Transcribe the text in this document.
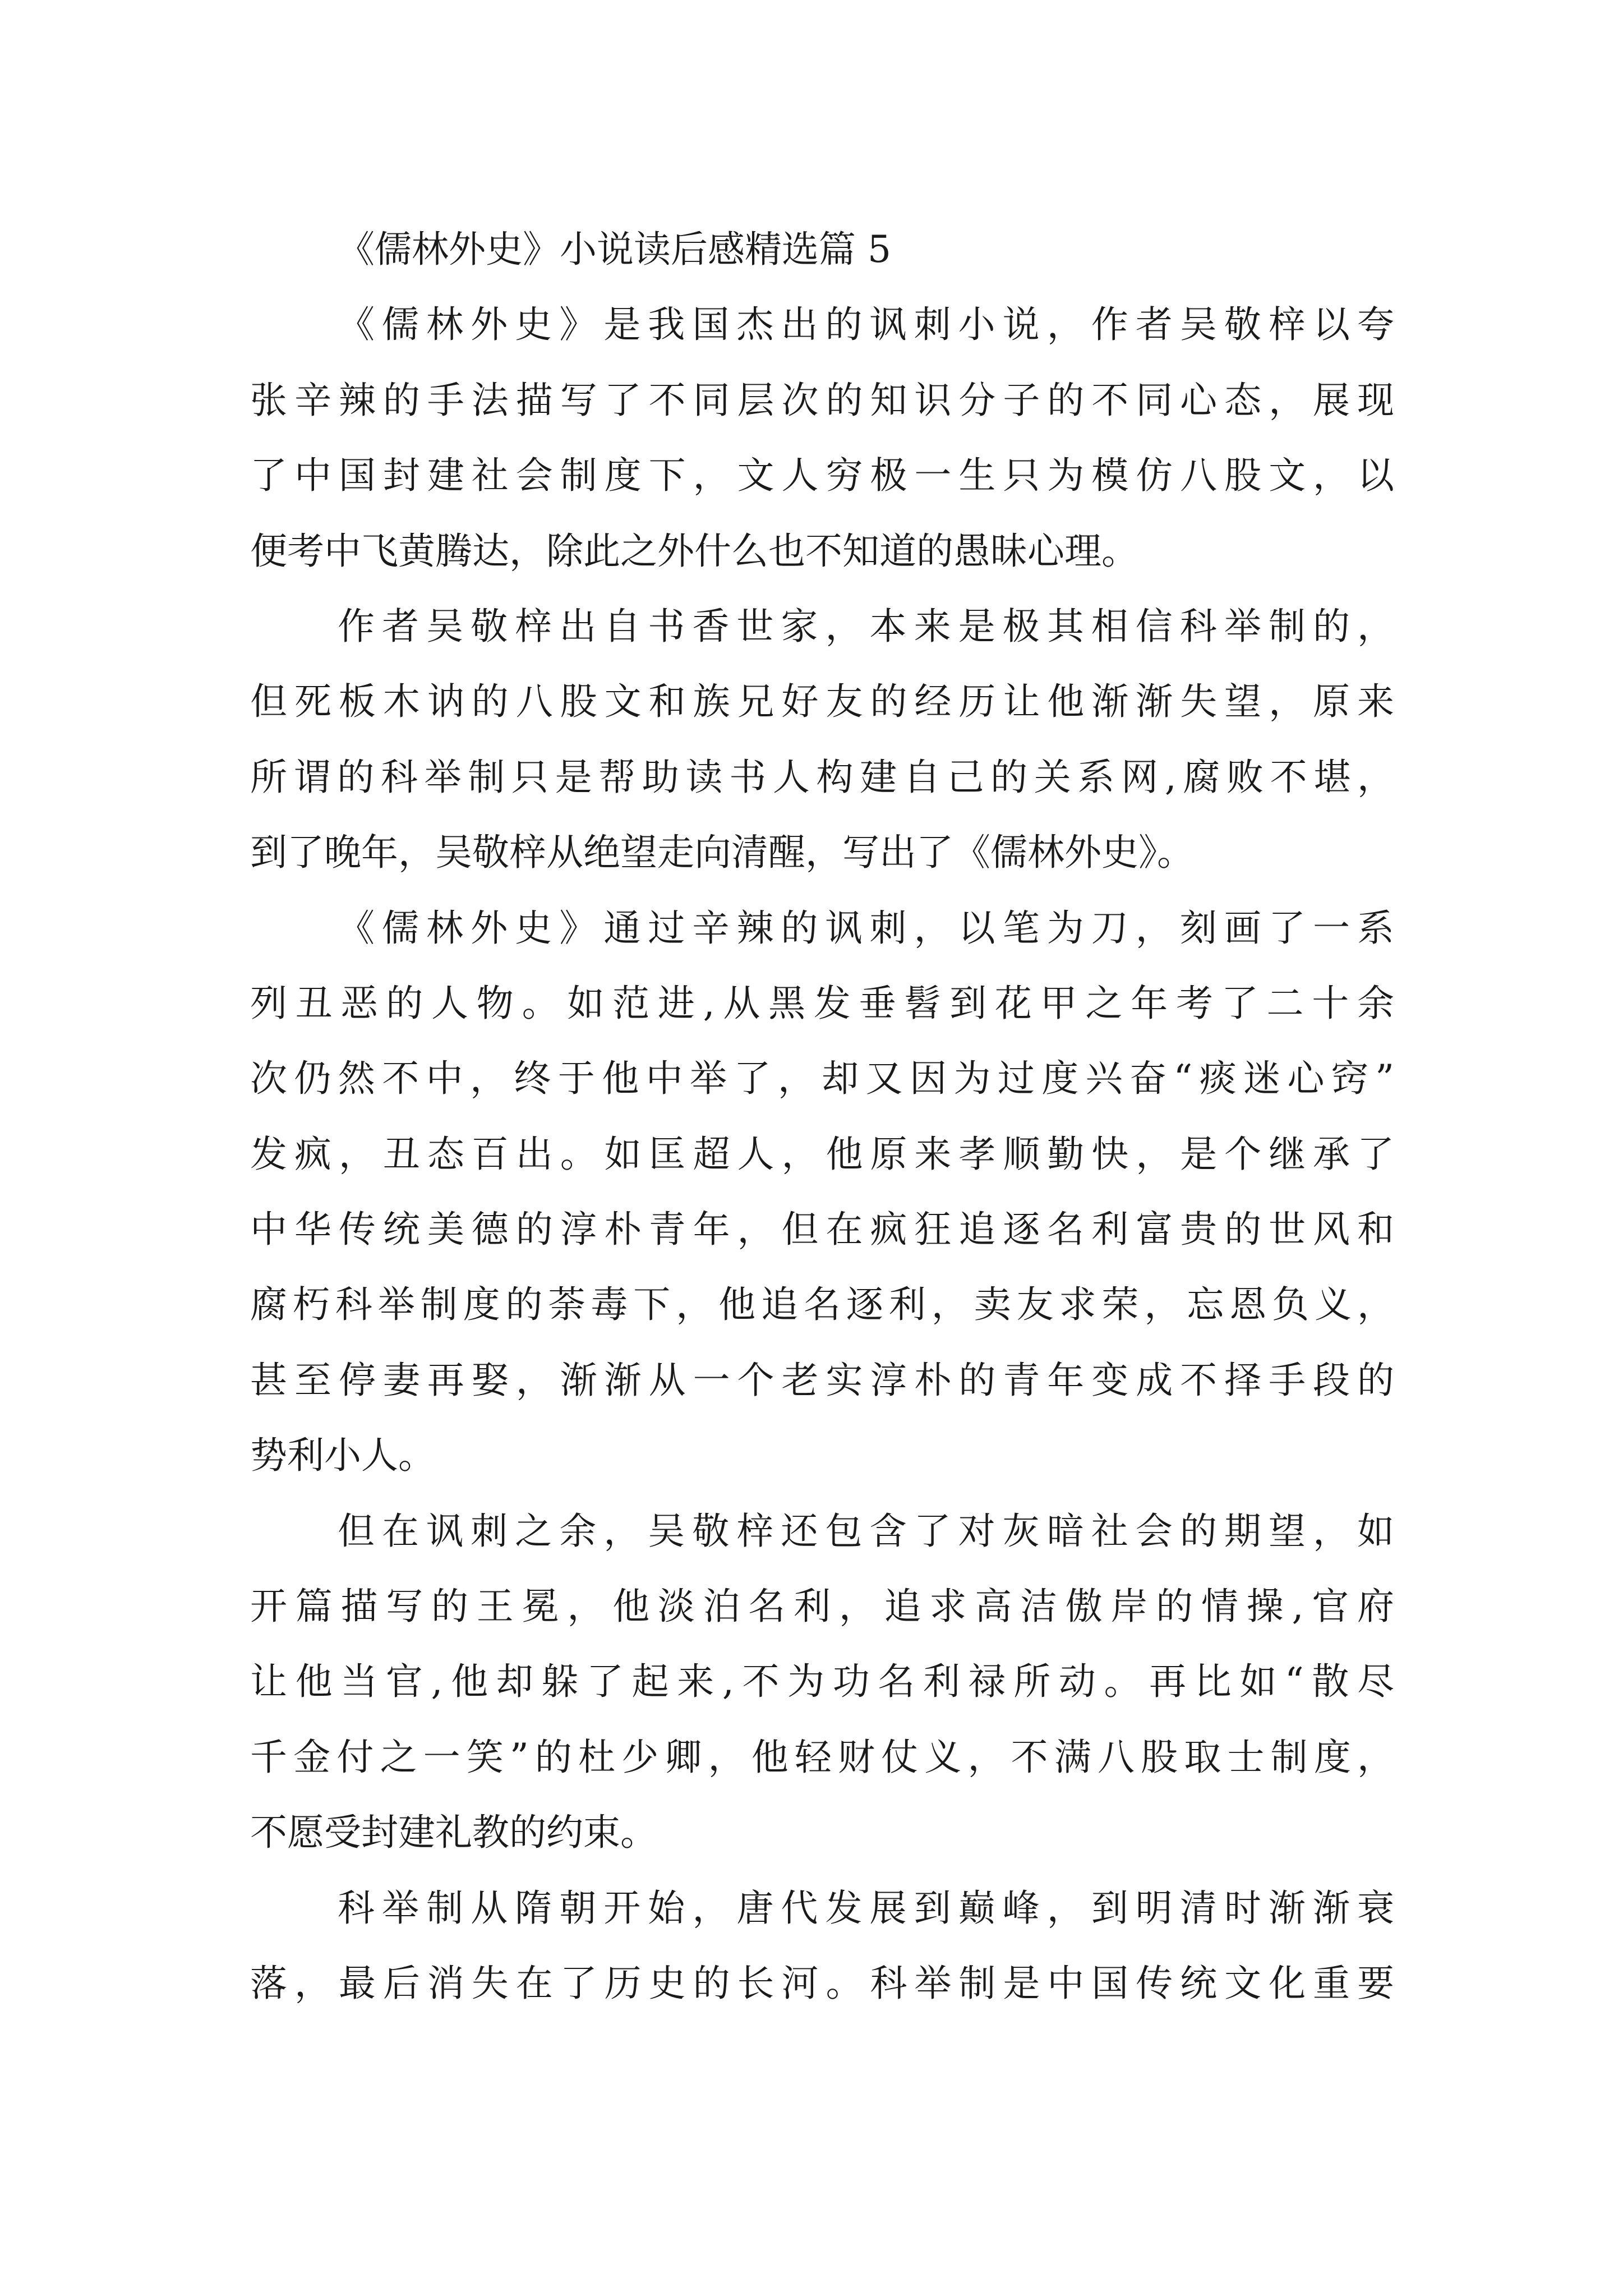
《儒林外史》小说读后感精选篇 5
《儒林外史》是我国杰出的讽刺小说，作者吴敬梓以夸
张辛辣的手法描写了不同层次的知识分子的不同心态，展现
了中国封建社会制度下，文人穷极一生只为模仿八股文，以
便考中飞黄腾达，除此之外什么也不知道的愚昧心理。
作者吴敬梓出自书香世家，本来是极其相信科举制的，
但死板木讷的八股文和族兄好友的经历让他渐渐失望，原来
所谓的科举制只是帮助读书人构建自己的关系网,腐败不堪，
到了晚年，吴敬梓从绝望走向清醒，写出了《儒林外史》。
《儒林外史》通过辛辣的讽刺，以笔为刀，刻画了一系
列丑恶的人物。如范进,从黑发垂髫到花甲之年考了二十余
次仍然不中，终于他中举了，却又因为过度兴奋“痰迷心窍”
发疯，丑态百出。如匡超人，他原来孝顺勤快，是个继承了
中华传统美德的淳朴青年，但在疯狂追逐名利富贵的世风和
腐朽科举制度的荼毒下，他追名逐利，卖友求荣，忘恩负义，
甚至停妻再娶，渐渐从一个老实淳朴的青年变成不择手段的
势利小人。
但在讽刺之余，吴敬梓还包含了对灰暗社会的期望，如
开篇描写的王冕，他淡泊名利，追求高洁傲岸的情操,官府
让他当官,他却躲了起来,不为功名利禄所动。再比如“散尽
千金付之一笑”的杜少卿，他轻财仗义，不满八股取士制度，
不愿受封建礼教的约束。
科举制从隋朝开始，唐代发展到巅峰，到明清时渐渐衰
落，最后消失在了历史的长河。科举制是中国传统文化重要
